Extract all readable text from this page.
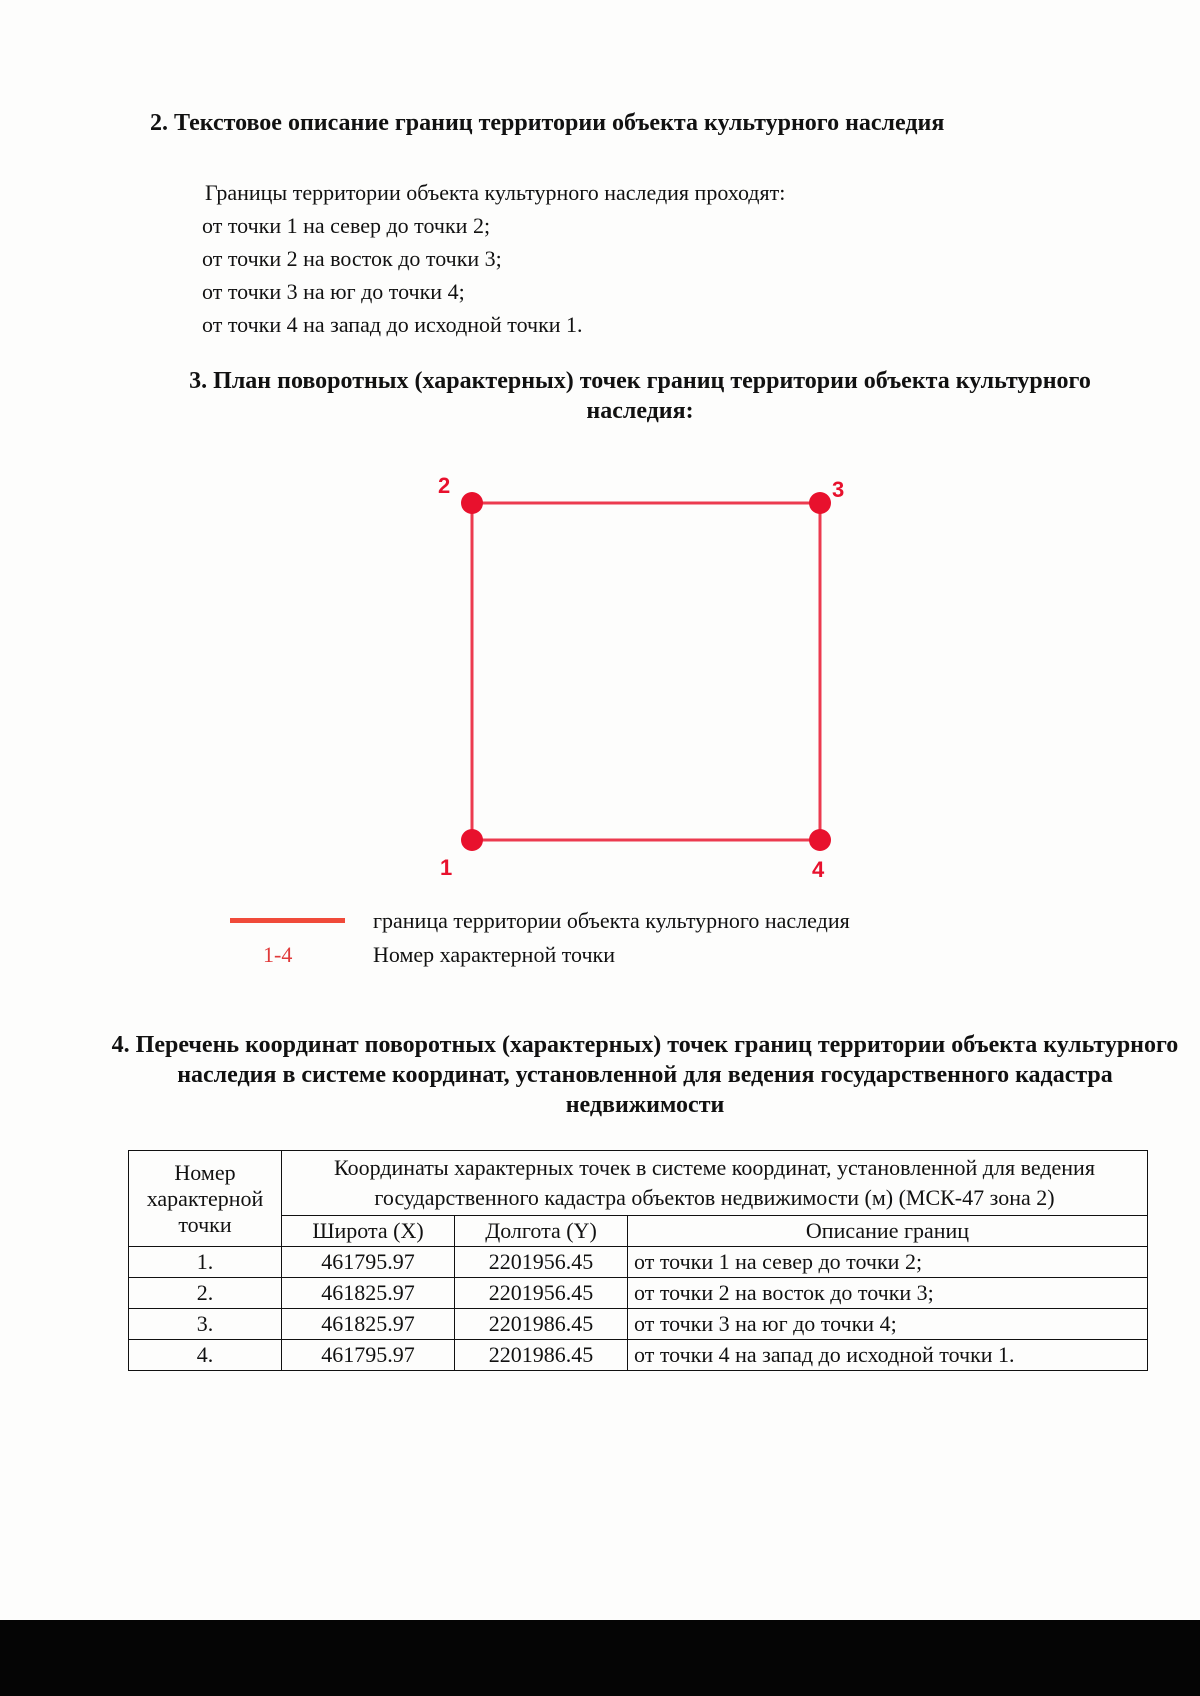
2. Текстовое описание границ территории объекта культурного наследия
Границы территории объекта культурного наследия проходят:
от точки 1 на север до точки 2;
от точки 2 на восток до точки 3;
от точки 3 на юг до точки 4;
от точки 4 на запад до исходной точки 1.
3. План поворотных (характерных) точек границ территории объекта культурного наследия:
1
2	3
4
граница территории объекта культурного наследия
1-4	Номер характерной точки
4. Перечень координат поворотных (характерных) точек границ территории объекта культурного наследия в системе координат, установленной для ведения государственного кадастра недвижимости
Номер характерной точки	Координаты характерных точек в системе координат, установленной для ведения государственного кадастра объектов недвижимости (м) (МСК-47 зона 2)		
	Широта (X)	Долгота (Y)	Описание границ
1.	461795.97	2201956.45	от точки 1 на север до точки 2;
2.	461825.97	2201956.45	от точки 2 на восток до точки 3;
3.	461825.97	2201986.45	от точки 3 на юг до точки 4;
4.	461795.97	2201986.45	от точки 4 на запад до исходной точки 1.
